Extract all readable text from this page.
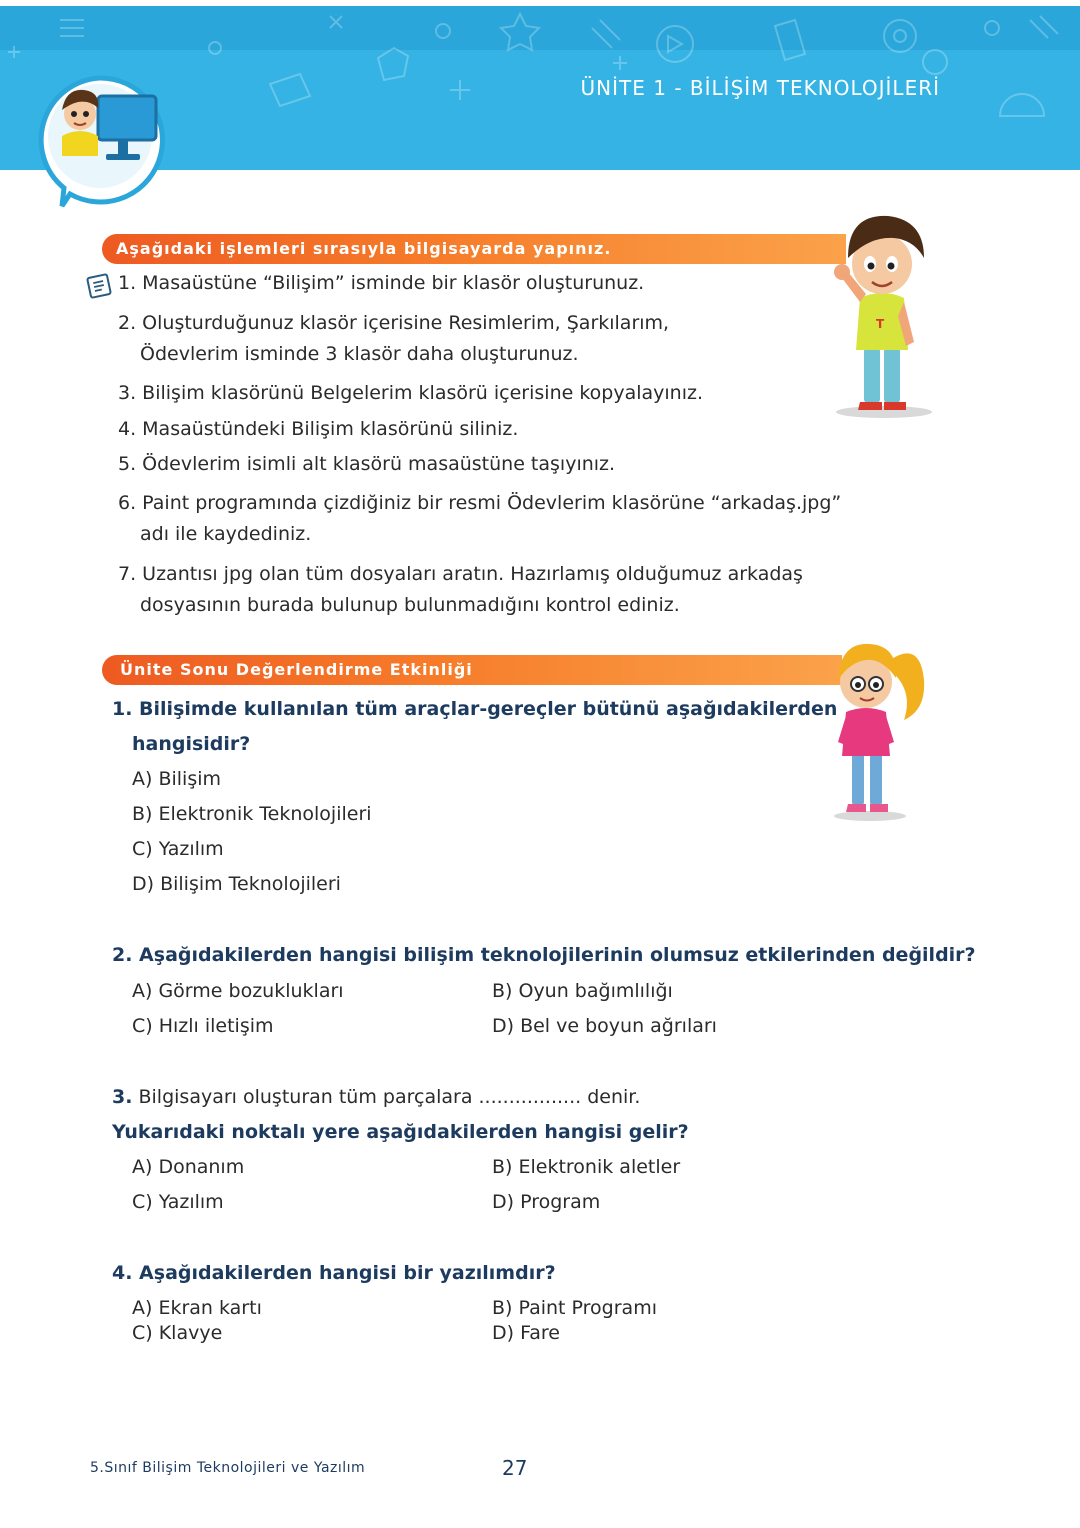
ÜNİTE 1 - BİLİŞİM TEKNOLOJİLERİ
Aşağıdaki işlemleri sırasıyla bilgisayarda yapınız.
1. Masaüstüne “Bilişim” isminde bir klasör oluşturunuz.
2. Oluşturduğunuz klasör içerisine Resimlerim, Şarkılarım,
Ödevlerim isminde 3 klasör daha oluşturunuz.
3. Bilişim klasörünü Belgelerim klasörü içerisine kopyalayınız.
4. Masaüstündeki Bilişim klasörünü siliniz.
5. Ödevlerim isimli alt klasörü masaüstüne taşıyınız.
6. Paint programında çizdiğiniz bir resmi Ödevlerim klasörüne “arkadaş.jpg”
adı ile kaydediniz.
7. Uzantısı jpg olan tüm dosyaları aratın. Hazırlamış olduğumuz arkadaş
dosyasının burada bulunup bulunmadığını kontrol ediniz.
T
Ünite Sonu Değerlendirme Etkinliği
1. Bilişimde kullanılan tüm araçlar-gereçler bütünü aşağıdakilerden
hangisidir?
A) Bilişim
B) Elektronik Teknolojileri
C) Yazılım
D) Bilişim Teknolojileri
2. Aşağıdakilerden hangisi bilişim teknolojilerinin olumsuz etkilerinden değildir?
A) Görme bozuklukları	B) Oyun bağımlılığı
C) Hızlı iletişim	D) Bel ve boyun ağrıları
3. Bilgisayarı oluşturan tüm parçalara ................. denir.
Yukarıdaki noktalı yere aşağıdakilerden hangisi gelir?
A) Donanım	B) Elektronik aletler
C) Yazılım	D) Program
4. Aşağıdakilerden hangisi bir yazılımdır?
A) Ekran kartı	B) Paint Programı
C) Klavye	D) Fare
5.Sınıf Bilişim Teknolojileri ve Yazılım	27
